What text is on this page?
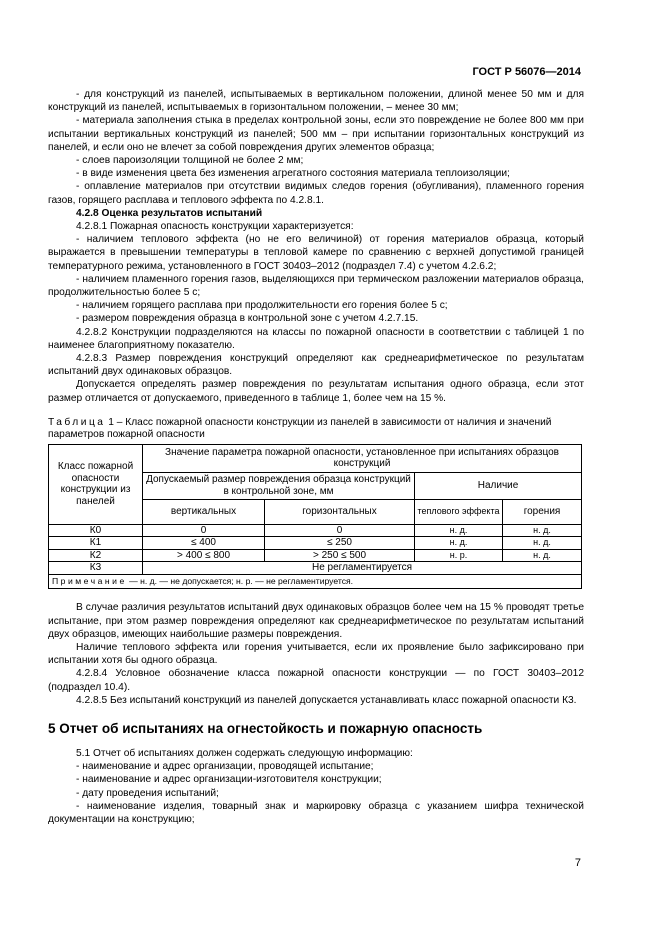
ГОСТ Р 56076—2014

- для конструкций из панелей, испытываемых в вертикальном положении, длиной менее 50 мм и для конструкций из панелей, испытываемых в горизонтальном положении, – менее 30 мм;

- материала заполнения стыка в пределах контрольной зоны, если это повреждение не более 800 мм при испытании вертикальных конструкций из панелей; 500 мм – при испытании горизонтальных конструкций из панелей, и если оно не влечет за собой повреждения других элементов образца;

- слоев пароизоляции толщиной не более 2 мм;

- в виде изменения цвета без изменения агрегатного состояния материала теплоизоляции;

- оплавление материалов при отсутствии видимых следов горения (обугливания), пламенного горения газов, горящего расплава и теплового эффекта по 4.2.8.1.

4.2.8 Оценка результатов испытаний

4.2.8.1 Пожарная опасность конструкции характеризуется:

- наличием теплового эффекта (но не его величиной) от горения материалов образца, который выражается в превышении температуры в тепловой камере по сравнению с верхней допустимой границей температурного режима, установленного в ГОСТ 30403–2012 (подраздел 7.4) с учетом 4.2.6.2;

- наличием пламенного горения газов, выделяющихся при термическом разложении материалов образца, продолжительностью более 5 с;

- наличием горящего расплава при продолжительности его горения более 5 с;

- размером повреждения образца в контрольной зоне с учетом 4.2.7.15.

4.2.8.2 Конструкции подразделяются на классы по пожарной опасности в соответствии с таблицей 1 по наименее благоприятному показателю.

4.2.8.3 Размер повреждения конструкций определяют как среднеарифметическое по результатам испытаний двух одинаковых образцов.

Допускается определять размер повреждения по результатам испытания одного образца, если этот размер отличается от допускаемого, приведенного в таблице 1, более чем на 15 %.

Таблица 1 – Класс пожарной опасности конструкции из панелей в зависимости от наличия и значений параметров пожарной опасности
Класс пожарной опасности конструкции из панелей	Значение параметра пожарной опасности, установленное при испытаниях образцов конструкций			
	Допускаемый размер повреждения образца конструкций в контрольной зоне, мм		Наличие	
	вертикальных	горизонтальных	теплового эффекта	горения
К0	0	0	н. д.	н. д.
К1	≤ 400	≤ 250	н. д.	н. д.
К2	> 400 ≤ 800	> 250 ≤ 500	н. р.	н. д.
К3	Не регламентируется			
Примечание — н. д. — не допускается; н. р. — не регламентируется.				

В случае различия результатов испытаний двух одинаковых образцов более чем на 15 % проводят третье испытание, при этом размер повреждения определяют как среднеарифметическое по результатам испытаний двух образцов, имеющих наибольшие размеры повреждения.

Наличие теплового эффекта или горения учитывается, если их проявление было зафиксировано при испытании хотя бы одного образца.

4.2.8.4 Условное обозначение класса пожарной опасности конструкции — по ГОСТ 30403–2012 (подраздел 10.4).

4.2.8.5 Без испытаний конструкций из панелей допускается устанавливать класс пожарной опасности К3.

5 Отчет об испытаниях на огнестойкость и пожарную опасность

5.1 Отчет об испытаниях должен содержать следующую информацию:

- наименование и адрес организации, проводящей испытание;

- наименование и адрес организации-изготовителя конструкции;

- дату проведения испытаний;

- наименование изделия, товарный знак и маркировку образца с указанием шифра технической документации на конструкцию;

7
